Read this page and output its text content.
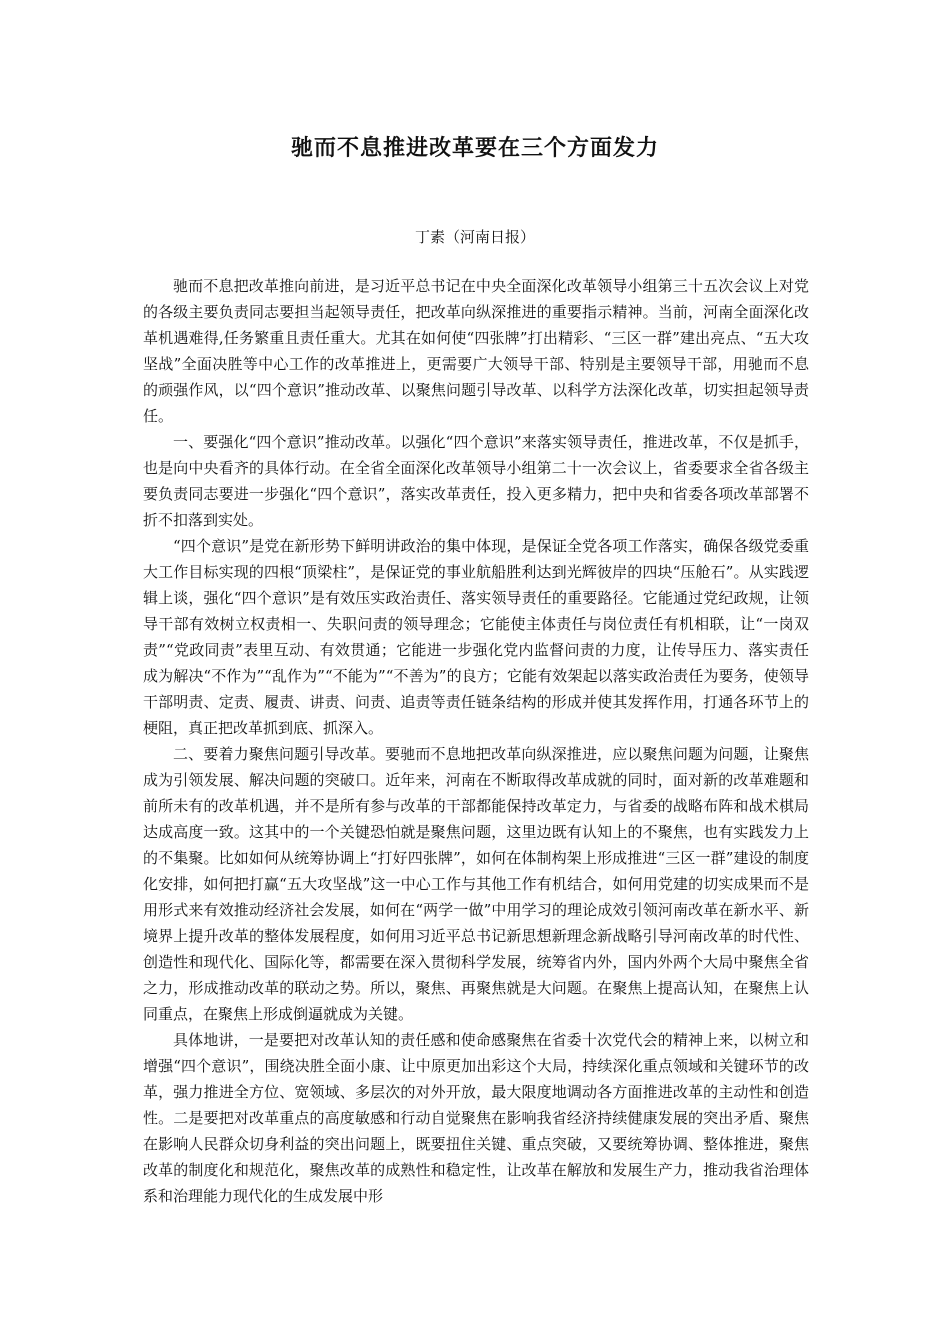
驰而不息推进改革要在三个方面发力
丁素（河南日报）

驰而不息把改革推向前进，是习近平总书记在中央全面深化改革领导小组第三十五次会议上对党的各级主要负责同志要担当起领导责任，把改革向纵深推进的重要指示精神。当前，河南全面深化改革机遇难得,任务繁重且责任重大。尤其在如何使“四张牌”打出精彩、“三区一群”建出亮点、“五大攻坚战”全面决胜等中心工作的改革推进上，更需要广大领导干部、特别是主要领导干部，用驰而不息的顽强作风，以“四个意识”推动改革、以聚焦问题引导改革、以科学方法深化改革，切实担起领导责任。

一、要强化“四个意识”推动改革。以强化“四个意识”来落实领导责任，推进改革，不仅是抓手，也是向中央看齐的具体行动。在全省全面深化改革领导小组第二十一次会议上，省委要求全省各级主要负责同志要进一步强化“四个意识”，落实改革责任，投入更多精力，把中央和省委各项改革部署不折不扣落到实处。

“四个意识”是党在新形势下鲜明讲政治的集中体现，是保证全党各项工作落实，确保各级党委重大工作目标实现的四根“顶梁柱”，是保证党的事业航船胜利达到光辉彼岸的四块“压舱石”。从实践逻辑上谈，强化“四个意识”是有效压实政治责任、落实领导责任的重要路径。它能通过党纪政规，让领导干部有效树立权责相一、失职问责的领导理念；它能使主体责任与岗位责任有机相联，让“一岗双责”“党政同责”表里互动、有效贯通；它能进一步强化党内监督问责的力度，让传导压力、落实责任成为解决“不作为”“乱作为”“不能为”“不善为”的良方；它能有效架起以落实政治责任为要务，使领导干部明责、定责、履责、讲责、问责、追责等责任链条结构的形成并使其发挥作用，打通各环节上的梗阻，真正把改革抓到底、抓深入。

二、要着力聚焦问题引导改革。要驰而不息地把改革向纵深推进，应以聚焦问题为问题，让聚焦成为引领发展、解决问题的突破口。近年来，河南在不断取得改革成就的同时，面对新的改革难题和前所未有的改革机遇，并不是所有参与改革的干部都能保持改革定力，与省委的战略布阵和战术棋局达成高度一致。这其中的一个关键恐怕就是聚焦问题，这里边既有认知上的不聚焦，也有实践发力上的不集聚。比如如何从统筹协调上“打好四张牌”，如何在体制构架上形成推进“三区一群”建设的制度化安排，如何把打赢“五大攻坚战”这一中心工作与其他工作有机结合，如何用党建的切实成果而不是用形式来有效推动经济社会发展，如何在“两学一做”中用学习的理论成效引领河南改革在新水平、新境界上提升改革的整体发展程度，如何用习近平总书记新思想新理念新战略引导河南改革的时代性、创造性和现代化、国际化等，都需要在深入贯彻科学发展，统筹省内外，国内外两个大局中聚焦全省之力，形成推动改革的联动之势。所以，聚焦、再聚焦就是大问题。在聚焦上提高认知，在聚焦上认同重点，在聚焦上形成倒逼就成为关键。

具体地讲，一是要把对改革认知的责任感和使命感聚焦在省委十次党代会的精神上来，以树立和增强“四个意识”，围绕决胜全面小康、让中原更加出彩这个大局，持续深化重点领域和关键环节的改革，强力推进全方位、宽领域、多层次的对外开放，最大限度地调动各方面推进改革的主动性和创造性。二是要把对改革重点的高度敏感和行动自觉聚焦在影响我省经济持续健康发展的突出矛盾、聚焦在影响人民群众切身利益的突出问题上，既要扭住关键、重点突破，又要统筹协调、整体推进，聚焦改革的制度化和规范化，聚焦改革的成熟性和稳定性，让改革在解放和发展生产力，推动我省治理体系和治理能力现代化的生成发展中形
